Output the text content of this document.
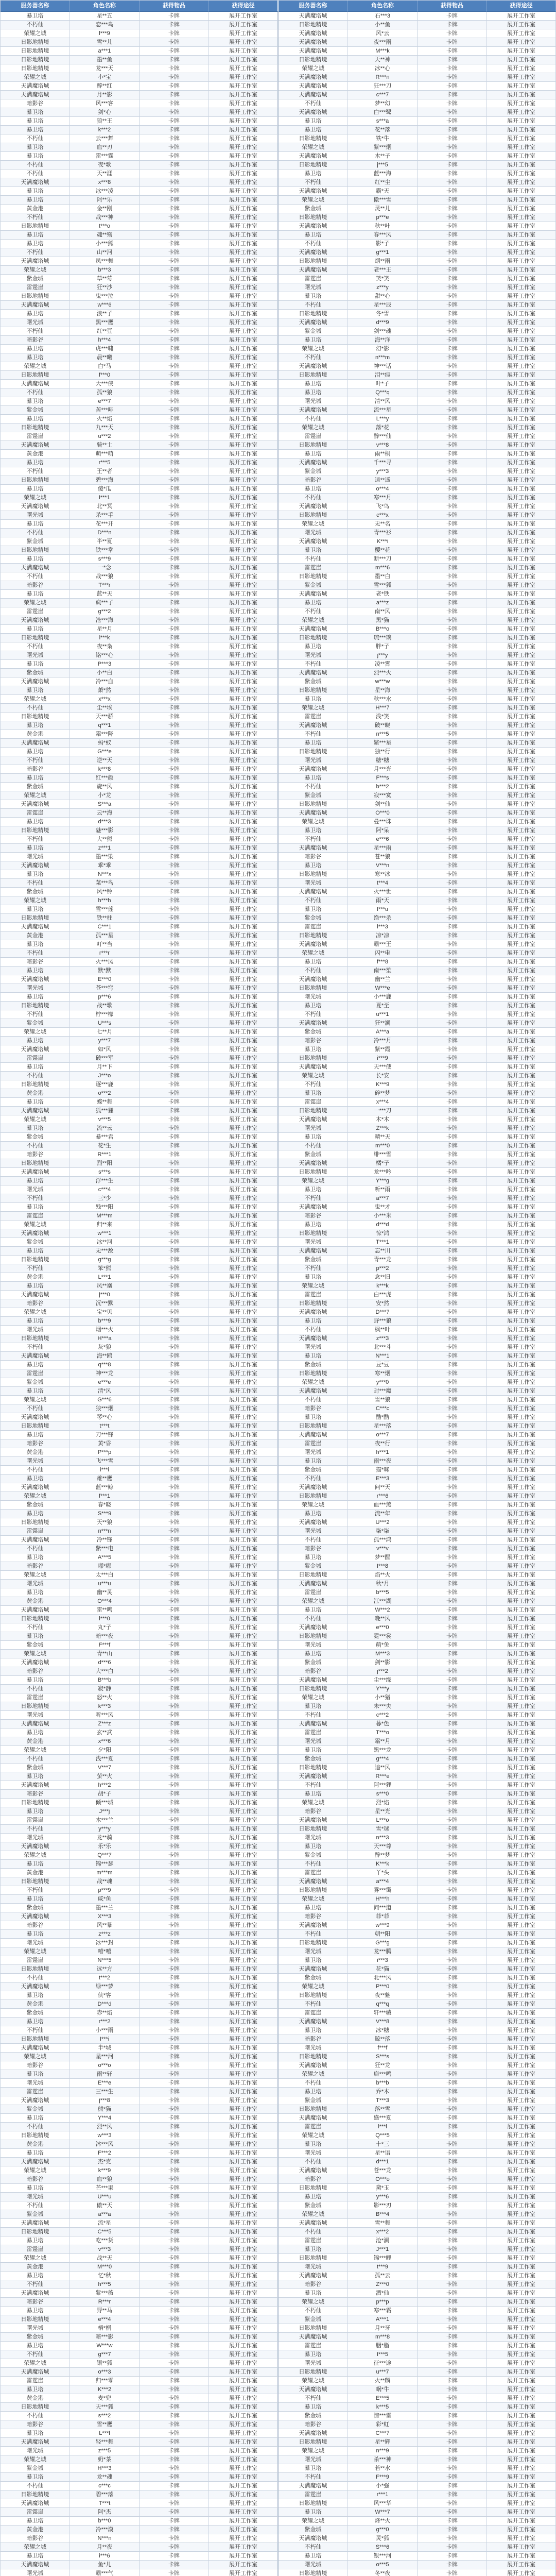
服务器名称	角色名称	获得物品	获得途径	服务器名称	角色名称	获得物品	获得途径
暴卫塔	星**五	卡牌	展开工作室	天满魔塔城	石***3	卡牌	展开工作室
不朽仙	恋***鸟	卡牌	展开工作室	日影地精境	小**鱼	卡牌	展开工作室
荣耀之城	l***9	卡牌	展开工作室	天满魔塔城	风*云	卡牌	展开工作室
日影地精境	雪**儿	卡牌	展开工作室	天满魔塔城	夜***雨	卡牌	展开工作室
日影地精境	a***1	卡牌	展开工作室	天满魔塔城	M***k	卡牌	展开工作室
日影地精境	墨**鱼	卡牌	展开工作室	日影地精境	天**神	卡牌	展开工作室
日影地精境	龙***天	卡牌	展开工作室	荣耀之城	冰**心	卡牌	展开工作室
荣耀之城	小*宝	卡牌	展开工作室	天满魔塔城	R***n	卡牌	展开工作室
天满魔塔城	醉**红	卡牌	展开工作室	天满魔塔城	狂***刀	卡牌	展开工作室
天满魔塔城	月**影	卡牌	展开工作室	天满魔塔城	c***7	卡牌	展开工作室
暗影谷	风***客	卡牌	展开工作室	不朽仙	梦**幻	卡牌	展开工作室
暴卫塔	剑*心	卡牌	展开工作室	天满魔塔城	白***鹭	卡牌	展开工作室
暴卫塔	狼**王	卡牌	展开工作室	暴卫塔	s***a	卡牌	展开工作室
暴卫塔	k***2	卡牌	展开工作室	暴卫塔	花**落	卡牌	展开工作室
不朽仙	云***舞	卡牌	展开工作室	日影地精境	铁*牛	卡牌	展开工作室
暴卫塔	血**刃	卡牌	展开工作室	荣耀之城	紫***烟	卡牌	展开工作室
暴卫塔	雷***霆	卡牌	展开工作室	天满魔塔城	木**子	卡牌	展开工作室
不朽仙	夜*歌	卡牌	展开工作室	日影地精境	j***5	卡牌	展开工作室
不朽仙	天**涯	卡牌	展开工作室	暴卫塔	蓝***海	卡牌	展开工作室
天满魔塔城	x***8	卡牌	展开工作室	不朽仙	红**尘	卡牌	展开工作室
暴卫塔	冰***凌	卡牌	展开工作室	天满魔塔城	霸*天	卡牌	展开工作室
暴卫塔	阿**乐	卡牌	展开工作室	荣耀之城	傲***雪	卡牌	展开工作室
黄金港	金**刚	卡牌	展开工作室	紫金城	灵**儿	卡牌	展开工作室
不朽仙	战***神	卡牌	展开工作室	日影地精境	p***e	卡牌	展开工作室
日影地精境	t***o	卡牌	展开工作室	天满魔塔城	秋**叶	卡牌	展开工作室
暴卫塔	魂**殇	卡牌	展开工作室	暴卫塔	春***风	卡牌	展开工作室
暴卫塔	小***熊	卡牌	展开工作室	不朽仙	影*子	卡牌	展开工作室
不朽仙	山**河	卡牌	展开工作室	天满魔塔城	g***1	卡牌	展开工作室
天满魔塔城	凤***舞	卡牌	展开工作室	日影地精境	烟**雨	卡牌	展开工作室
荣耀之城	b***3	卡牌	展开工作室	天满魔塔城	老***王	卡牌	展开工作室
紫金城	草**莓	卡牌	展开工作室	雷霆崖	笑*笑	卡牌	展开工作室
雷霆崖	狂**沙	卡牌	展开工作室	曙光城	z***y	卡牌	展开工作室
日影地精境	鬼***泣	卡牌	展开工作室	暴卫塔	甜**心	卡牌	展开工作室
天满魔塔城	w***6	卡牌	展开工作室	不朽仙	星***辰	卡牌	展开工作室
暴卫塔	浪**子	卡牌	展开工作室	日影地精境	冬*雪	卡牌	展开工作室
曙光城	黑***鹰	卡牌	展开工作室	天满魔塔城	d***9	卡牌	展开工作室
不朽仙	红**豆	卡牌	展开工作室	紫金城	剑***魂	卡牌	展开工作室
暗影谷	h***4	卡牌	展开工作室	暴卫塔	海**洋	卡牌	展开工作室
暴卫塔	虎***啸	卡牌	展开工作室	荣耀之城	幻*影	卡牌	展开工作室
暴卫塔	晨**曦	卡牌	展开工作室	不朽仙	n***m	卡牌	展开工作室
荣耀之城	白*马	卡牌	展开工作室	天满魔塔城	神***话	卡牌	展开工作室
日影地精境	f***0	卡牌	展开工作室	日影地精境	泪**痕	卡牌	展开工作室
天满魔塔城	大***侠	卡牌	展开工作室	暴卫塔	叶*子	卡牌	展开工作室
不朽仙	孤**狼	卡牌	展开工作室	暴卫塔	Q***q	卡牌	展开工作室
暴卫塔	e***7	卡牌	展开工作室	曙光城	清**风	卡牌	展开工作室
紫金城	苦***啡	卡牌	展开工作室	天满魔塔城	流***星	卡牌	展开工作室
暴卫塔	火**焰	卡牌	展开工作室	不朽仙	L***y	卡牌	展开工作室
日影地精境	九***天	卡牌	展开工作室	荣耀之城	落*花	卡牌	展开工作室
雷霆崖	u***2	卡牌	展开工作室	雷霆崖	醉***仙	卡牌	展开工作室
天满魔塔城	骑**士	卡牌	展开工作室	日影地精境	v***8	卡牌	展开工作室
黄金港	萌***萌	卡牌	展开工作室	暴卫塔	雨**桐	卡牌	展开工作室
暴卫塔	r***5	卡牌	展开工作室	天满魔塔城	千***寻	卡牌	展开工作室
不朽仙	王**者	卡牌	展开工作室	紫金城	y***3	卡牌	展开工作室
日影地精境	碧***海	卡牌	展开工作室	暗影谷	逍**遥	卡牌	展开工作室
暴卫塔	傻*瓜	卡牌	展开工作室	暴卫塔	o***4	卡牌	展开工作室
荣耀之城	i***1	卡牌	展开工作室	不朽仙	寒***月	卡牌	展开工作室
天满魔塔城	北**冥	卡牌	展开工作室	天满魔塔城	飞*鸟	卡牌	展开工作室
曙光城	杀***手	卡牌	展开工作室	日影地精境	c***x	卡牌	展开工作室
暴卫塔	花***开	卡牌	展开工作室	荣耀之城	无**名	卡牌	展开工作室
不朽仙	D***n	卡牌	展开工作室	曙光城	青***衫	卡牌	展开工作室
紫金城	半**夏	卡牌	展开工作室	天满魔塔城	K***i	卡牌	展开工作室
日影地精境	铁***拳	卡牌	展开工作室	暴卫塔	樱**花	卡牌	展开工作室
暴卫塔	s***9	卡牌	展开工作室	不朽仙	断***刀	卡牌	展开工作室
天满魔塔城	一*念	卡牌	展开工作室	雷霆崖	m***6	卡牌	展开工作室
不朽仙	战***狼	卡牌	展开工作室	日影地精境	墨**白	卡牌	展开工作室
暗影谷	T***r	卡牌	展开工作室	紫金城	雪***狐	卡牌	展开工作室
暴卫塔	蓝**天	卡牌	展开工作室	天满魔塔城	老*铁	卡牌	展开工作室
荣耀之城	疯***子	卡牌	展开工作室	暴卫塔	a***z	卡牌	展开工作室
雷霆崖	g***2	卡牌	展开工作室	不朽仙	南**风	卡牌	展开工作室
天满魔塔城	沧***海	卡牌	展开工作室	荣耀之城	黑*猫	卡牌	展开工作室
暴卫塔	星**月	卡牌	展开工作室	天满魔塔城	B***o	卡牌	展开工作室
日影地精境	l***k	卡牌	展开工作室	日影地精境	琉***璃	卡牌	展开工作室
不朽仙	夜**枭	卡牌	展开工作室	暴卫塔	胖*子	卡牌	展开工作室
曙光城	铭***心	卡牌	展开工作室	曙光城	j***y	卡牌	展开工作室
暴卫塔	P***3	卡牌	展开工作室	不朽仙	凌**霄	卡牌	展开工作室
紫金城	小**白	卡牌	展开工作室	天满魔塔城	烈***火	卡牌	展开工作室
天满魔塔城	冷***血	卡牌	展开工作室	紫金城	w***w	卡牌	展开工作室
暴卫塔	萧*然	卡牌	展开工作室	日影地精境	星**海	卡牌	展开工作室
荣耀之城	x***x	卡牌	展开工作室	暴卫塔	秋***水	卡牌	展开工作室
不朽仙	尘**埃	卡牌	展开工作室	荣耀之城	H***7	卡牌	展开工作室
日影地精境	天***骄	卡牌	展开工作室	雷霆崖	浅*笑	卡牌	展开工作室
暴卫塔	q***1	卡牌	展开工作室	天满魔塔城	破**晓	卡牌	展开工作室
黄金港	霜***降	卡牌	展开工作室	不朽仙	n***5	卡牌	展开工作室
天满魔塔城	蚂*蚁	卡牌	展开工作室	暴卫塔	繁***星	卡牌	展开工作室
暴卫塔	G***e	卡牌	展开工作室	日影地精境	独**行	卡牌	展开工作室
不朽仙	逆**天	卡牌	展开工作室	曙光城	糖*糖	卡牌	展开工作室
暗影谷	k***8	卡牌	展开工作室	天满魔塔城	月***光	卡牌	展开工作室
暴卫塔	红***颜	卡牌	展开工作室	暴卫塔	F***s	卡牌	展开工作室
紫金城	旋**风	卡牌	展开工作室	不朽仙	b***2	卡牌	展开工作室
荣耀之城	小*龙	卡牌	展开工作室	紫金城	寂***寞	卡牌	展开工作室
天满魔塔城	S***a	卡牌	展开工作室	日影地精境	剑**仙	卡牌	展开工作室
雷霆崖	云**海	卡牌	展开工作室	天满魔塔城	O***0	卡牌	展开工作室
暴卫塔	d***3	卡牌	展开工作室	荣耀之城	曼***珠	卡牌	展开工作室
日影地精境	魅***影	卡牌	展开工作室	暴卫塔	阿*呆	卡牌	展开工作室
不朽仙	大**熊	卡牌	展开工作室	不朽仙	e***6	卡牌	展开工作室
暴卫塔	z***1	卡牌	展开工作室	天满魔塔城	星***雨	卡牌	展开工作室
曙光城	墨***染	卡牌	展开工作室	暗影谷	苍**狼	卡牌	展开工作室
天满魔塔城	乖*乖	卡牌	展开工作室	暴卫塔	V***n	卡牌	展开工作室
暴卫塔	N***x	卡牌	展开工作室	日影地精境	寒**冰	卡牌	展开工作室
不朽仙	菜***鸟	卡牌	展开工作室	曙光城	t***4	卡牌	展开工作室
紫金城	风**铃	卡牌	展开工作室	天满魔塔城	灭***世	卡牌	展开工作室
荣耀之城	h***h	卡牌	展开工作室	不朽仙	雨*天	卡牌	展开工作室
暴卫塔	雪***莲	卡牌	展开工作室	暴卫塔	I***u	卡牌	展开工作室
日影地精境	铁**柱	卡牌	展开工作室	紫金城	绝***杀	卡牌	展开工作室
天满魔塔城	C***1	卡牌	展开工作室	雷霆崖	l***3	卡牌	展开工作室
黄金港	孤***星	卡牌	展开工作室	日影地精境	凉*凉	卡牌	展开工作室
暴卫塔	叮**当	卡牌	展开工作室	天满魔塔城	霸***王	卡牌	展开工作室
不朽仙	r***r	卡牌	展开工作室	荣耀之城	闪**电	卡牌	展开工作室
暗影谷	火***凤	卡牌	展开工作室	暴卫塔	f***8	卡牌	展开工作室
暴卫塔	默*默	卡牌	展开工作室	不朽仙	南***笙	卡牌	展开工作室
天满魔塔城	E***0	卡牌	展开工作室	天满魔塔城	幽**兰	卡牌	展开工作室
曙光城	苍***穹	卡牌	展开工作室	日影地精境	W***e	卡牌	展开工作室
暴卫塔	p***6	卡牌	展开工作室	曙光城	小***鹿	卡牌	展开工作室
日影地精境	战**歌	卡牌	展开工作室	暴卫塔	夏*至	卡牌	展开工作室
不朽仙	柠***檬	卡牌	展开工作室	不朽仙	u***1	卡牌	展开工作室
紫金城	U***s	卡牌	展开工作室	天满魔塔城	狂**澜	卡牌	展开工作室
荣耀之城	七**月	卡牌	展开工作室	紫金城	A***a	卡牌	展开工作室
暴卫塔	y***7	卡牌	展开工作室	暗影谷	冷***月	卡牌	展开工作室
天满魔塔城	如*风	卡牌	展开工作室	暴卫塔	紫**霞	卡牌	展开工作室
雷霆崖	破***军	卡牌	展开工作室	日影地精境	i***9	卡牌	展开工作室
暴卫塔	月**下	卡牌	展开工作室	天满魔塔城	天***使	卡牌	展开工作室
不朽仙	J***o	卡牌	展开工作室	荣耀之城	长*安	卡牌	展开工作室
日影地精境	逐***鹿	卡牌	展开工作室	不朽仙	K***9	卡牌	展开工作室
黄金港	o***2	卡牌	展开工作室	暴卫塔	碎**梦	卡牌	展开工作室
暴卫塔	蝶**舞	卡牌	展开工作室	雷霆崖	x***4	卡牌	展开工作室
天满魔塔城	狐***狸	卡牌	展开工作室	日影地精境	一***刀	卡牌	展开工作室
荣耀之城	v***5	卡牌	展开工作室	天满魔塔城	木*木	卡牌	展开工作室
暴卫塔	流**云	卡牌	展开工作室	曙光城	Z***k	卡牌	展开工作室
紫金城	暴***君	卡牌	展开工作室	暴卫塔	晴**天	卡牌	展开工作室
不朽仙	花*生	卡牌	展开工作室	不朽仙	m***0	卡牌	展开工作室
暗影谷	R***1	卡牌	展开工作室	紫金城	绯***雪	卡牌	展开工作室
日影地精境	烈**阳	卡牌	展开工作室	天满魔塔城	橘*子	卡牌	展开工作室
天满魔塔城	s***s	卡牌	展开工作室	日影地精境	龙***吟	卡牌	展开工作室
暴卫塔	浮***生	卡牌	展开工作室	荣耀之城	Y***g	卡牌	展开工作室
曙光城	c***4	卡牌	展开工作室	暴卫塔	听**雨	卡牌	展开工作室
不朽仙	三*少	卡牌	展开工作室	不朽仙	a***7	卡牌	展开工作室
暴卫塔	残***阳	卡牌	展开工作室	天满魔塔城	鬼**才	卡牌	展开工作室
雷霆崖	M***m	卡牌	展开工作室	暗影谷	小***米	卡牌	展开工作室
荣耀之城	归**来	卡牌	展开工作室	暴卫塔	d***d	卡牌	展开工作室
天满魔塔城	w***1	卡牌	展开工作室	日影地精境	惊*鸿	卡牌	展开工作室
紫金城	冰**河	卡牌	展开工作室	曙光城	T***1	卡牌	展开工作室
暴卫塔	无***敌	卡牌	展开工作室	天满魔塔城	忘**川	卡牌	展开工作室
日影地精境	g***g	卡牌	展开工作室	紫金城	青***龙	卡牌	展开工作室
不朽仙	笨*熊	卡牌	展开工作室	不朽仙	p***2	卡牌	展开工作室
黄金港	L***1	卡牌	展开工作室	暴卫塔	念**旧	卡牌	展开工作室
暴卫塔	凤**凰	卡牌	展开工作室	荣耀之城	k***k	卡牌	展开工作室
天满魔塔城	j***0	卡牌	展开工作室	雷霆崖	白***虎	卡牌	展开工作室
暗影谷	沉***默	卡牌	展开工作室	日影地精境	安*然	卡牌	展开工作室
荣耀之城	宝**贝	卡牌	展开工作室	天满魔塔城	D***7	卡牌	展开工作室
暴卫塔	b***9	卡牌	展开工作室	暴卫塔	野***狼	卡牌	展开工作室
曙光城	烟***火	卡牌	展开工作室	不朽仙	枫**叶	卡牌	展开工作室
日影地精境	H***a	卡牌	展开工作室	天满魔塔城	z***3	卡牌	展开工作室
不朽仙	灰*狼	卡牌	展开工作室	曙光城	北***斗	卡牌	展开工作室
天满魔塔城	海**鸥	卡牌	展开工作室	暴卫塔	N***1	卡牌	展开工作室
暴卫塔	q***8	卡牌	展开工作室	紫金城	豆*豆	卡牌	展开工作室
雷霆崖	神***龙	卡牌	展开工作室	日影地精境	寒**烟	卡牌	展开工作室
紫金城	e***e	卡牌	展开工作室	荣耀之城	y***0	卡牌	展开工作室
暴卫塔	清*风	卡牌	展开工作室	天满魔塔城	封***魔	卡牌	展开工作室
荣耀之城	G***6	卡牌	展开工作室	不朽仙	雪**狼	卡牌	展开工作室
不朽仙	狼***烟	卡牌	展开工作室	暗影谷	C***c	卡牌	展开工作室
天满魔塔城	琴**心	卡牌	展开工作室	暴卫塔	酷*酷	卡牌	展开工作室
日影地精境	t***t	卡牌	展开工作室	日影地精境	星***落	卡牌	展开工作室
暴卫塔	刀***锋	卡牌	展开工作室	天满魔塔城	o***7	卡牌	展开工作室
暗影谷	黄*昏	卡牌	展开工作室	雷霆崖	夜**行	卡牌	展开工作室
黄金港	P***p	卡牌	展开工作室	曙光城	h***1	卡牌	展开工作室
曙光城	飞***雪	卡牌	展开工作室	暴卫塔	雨***夜	卡牌	展开工作室
不朽仙	i***i	卡牌	展开工作室	紫金城	猫*咪	卡牌	展开工作室
暴卫塔	雄**鹰	卡牌	展开工作室	不朽仙	E***3	卡牌	展开工作室
天满魔塔城	蓝***鲸	卡牌	展开工作室	天满魔塔城	问**天	卡牌	展开工作室
荣耀之城	f***1	卡牌	展开工作室	日影地精境	r***6	卡牌	展开工作室
紫金城	春*晓	卡牌	展开工作室	荣耀之城	血***煞	卡牌	展开工作室
暴卫塔	S***9	卡牌	展开工作室	暴卫塔	流**年	卡牌	展开工作室
日影地精境	天**狼	卡牌	展开工作室	天满魔塔城	U***2	卡牌	展开工作室
雷霆崖	n***n	卡牌	展开工作室	曙光城	柒*柒	卡牌	展开工作室
天满魔塔城	冷**锋	卡牌	展开工作室	不朽仙	孤***鸿	卡牌	展开工作室
不朽仙	紫***电	卡牌	展开工作室	暗影谷	v***v	卡牌	展开工作室
暴卫塔	A***5	卡牌	展开工作室	暴卫塔	梦**醒	卡牌	展开工作室
暗影谷	嘟*嘟	卡牌	展开工作室	紫金城	I***8	卡牌	展开工作室
荣耀之城	太***白	卡牌	展开工作室	日影地精境	焰**火	卡牌	展开工作室
曙光城	u***u	卡牌	展开工作室	天满魔塔城	秋*月	卡牌	展开工作室
暴卫塔	幽**灵	卡牌	展开工作室	雷霆崖	b***5	卡牌	展开工作室
黄金港	O***4	卡牌	展开工作室	荣耀之城	江***湖	卡牌	展开工作室
天满魔塔城	雷**鸣	卡牌	展开工作室	暴卫塔	W***2	卡牌	展开工作室
日影地精境	l***0	卡牌	展开工作室	不朽仙	晚**风	卡牌	展开工作室
不朽仙	丸*子	卡牌	展开工作室	天满魔塔城	e***0	卡牌	展开工作室
暴卫塔	暗***夜	卡牌	展开工作室	日影地精境	霓***裳	卡牌	展开工作室
紫金城	F***f	卡牌	展开工作室	曙光城	萌*兔	卡牌	展开工作室
荣耀之城	青**山	卡牌	展开工作室	暴卫塔	M***3	卡牌	展开工作室
天满魔塔城	d***6	卡牌	展开工作室	紫金城	剑**影	卡牌	展开工作室
暗影谷	大***白	卡牌	展开工作室	暗影谷	j***2	卡牌	展开工作室
暴卫塔	B***b	卡牌	展开工作室	天满魔塔城	尘***缘	卡牌	展开工作室
不朽仙	寂*静	卡牌	展开工作室	日影地精境	Y***y	卡牌	展开工作室
雷霆崖	怒**火	卡牌	展开工作室	荣耀之城	小**猪	卡牌	展开工作室
日影地精境	k***3	卡牌	展开工作室	暴卫塔	未***央	卡牌	展开工作室
曙光城	听***风	卡牌	展开工作室	不朽仙	c***2	卡牌	展开工作室
天满魔塔城	Z***z	卡牌	展开工作室	天满魔塔城	暮*色	卡牌	展开工作室
暴卫塔	玄**武	卡牌	展开工作室	雷霆崖	T***o	卡牌	展开工作室
黄金港	x***6	卡牌	展开工作室	曙光城	霜**月	卡牌	展开工作室
荣耀之城	夕*阳	卡牌	展开工作室	暴卫塔	黑***龙	卡牌	展开工作室
不朽仙	浅***夏	卡牌	展开工作室	紫金城	g***4	卡牌	展开工作室
紫金城	V***7	卡牌	展开工作室	日影地精境	追**风	卡牌	展开工作室
暴卫塔	萤**火	卡牌	展开工作室	天满魔塔城	R***e	卡牌	展开工作室
天满魔塔城	h***2	卡牌	展开工作室	不朽仙	阿***狸	卡牌	展开工作室
暗影谷	胡*子	卡牌	展开工作室	暴卫塔	s***0	卡牌	展开工作室
日影地精境	倾***城	卡牌	展开工作室	荣耀之城	烈*焰	卡牌	展开工作室
暴卫塔	J***j	卡牌	展开工作室	暗影谷	星**光	卡牌	展开工作室
雷霆崖	木***兰	卡牌	展开工作室	天满魔塔城	L***o	卡牌	展开工作室
不朽仙	y***y	卡牌	展开工作室	日影地精境	雪*球	卡牌	展开工作室
曙光城	龙**骑	卡牌	展开工作室	曙光城	n***3	卡牌	展开工作室
天满魔塔城	乐*乐	卡牌	展开工作室	暴卫塔	天***尊	卡牌	展开工作室
荣耀之城	Q***7	卡牌	展开工作室	紫金城	醉**梦	卡牌	展开工作室
暴卫塔	锦***瑟	卡牌	展开工作室	不朽仙	K***k	卡牌	展开工作室
黄金港	m***m	卡牌	展开工作室	雷霆崖	丫*头	卡牌	展开工作室
日影地精境	战**魂	卡牌	展开工作室	天满魔塔城	a***4	卡牌	展开工作室
不朽仙	p***9	卡牌	展开工作室	日影地精境	雾***霭	卡牌	展开工作室
暴卫塔	咸*鱼	卡牌	展开工作室	荣耀之城	H***h	卡牌	展开工作室
紫金城	墨***兰	卡牌	展开工作室	暴卫塔	问***道	卡牌	展开工作室
天满魔塔城	X***3	卡牌	展开工作室	暗影谷	菲*菲	卡牌	展开工作室
暗影谷	风**暴	卡牌	展开工作室	天满魔塔城	w***9	卡牌	展开工作室
暴卫塔	z***z	卡牌	展开工作室	不朽仙	朝**阳	卡牌	展开工作室
曙光城	冰***封	卡牌	展开工作室	日影地精境	G***g	卡牌	展开工作室
荣耀之城	嘻*嘻	卡牌	展开工作室	曙光城	龙***腾	卡牌	展开工作室
雷霆崖	N***5	卡牌	展开工作室	暴卫塔	i***3	卡牌	展开工作室
日影地精境	远**方	卡牌	展开工作室	天满魔塔城	花*猫	卡牌	展开工作室
不朽仙	t***2	卡牌	展开工作室	紫金城	北***风	卡牌	展开工作室
天满魔塔城	绿***萝	卡牌	展开工作室	荣耀之城	P***0	卡牌	展开工作室
暴卫塔	侠*客	卡牌	展开工作室	日影地精境	夜**魅	卡牌	展开工作室
黄金港	D***d	卡牌	展开工作室	不朽仙	q***q	卡牌	展开工作室
紫金城	赤**焰	卡牌	展开工作室	雷霆崖	轩***辕	卡牌	展开工作室
暴卫塔	r***2	卡牌	展开工作室	天满魔塔城	V***8	卡牌	展开工作室
不朽仙	小***雨	卡牌	展开工作室	暴卫塔	冰*糖	卡牌	展开工作室
日影地精境	I***i	卡牌	展开工作室	暗影谷	鲸**落	卡牌	展开工作室
天满魔塔城	半*城	卡牌	展开工作室	曙光城	f***f	卡牌	展开工作室
荣耀之城	星***河	卡牌	展开工作室	日影地精境	S***s	卡牌	展开工作室
暗影谷	o***o	卡牌	展开工作室	天满魔塔城	狂**龙	卡牌	展开工作室
暴卫塔	雨**轩	卡牌	展开工作室	荣耀之城	鹿***鸣	卡牌	展开工作室
曙光城	E***e	卡牌	展开工作室	不朽仙	b***b	卡牌	展开工作室
雷霆崖	三***生	卡牌	展开工作室	暴卫塔	乔*木	卡牌	展开工作室
天满魔塔城	j***8	卡牌	展开工作室	紫金城	T***3	卡牌	展开工作室
紫金城	熊*猫	卡牌	展开工作室	日影地精境	落**雪	卡牌	展开工作室
暴卫塔	Y***4	卡牌	展开工作室	天满魔塔城	盛***夏	卡牌	展开工作室
不朽仙	烈**风	卡牌	展开工作室	雷霆崖	l***l	卡牌	展开工作室
日影地精境	w***3	卡牌	展开工作室	荣耀之城	Q***5	卡牌	展开工作室
黄金港	沐***风	卡牌	展开工作室	暴卫塔	十*三	卡牌	展开工作室
暴卫塔	F***2	卡牌	展开工作室	曙光城	星**语	卡牌	展开工作室
天满魔塔城	杰*克	卡牌	展开工作室	不朽仙	d***1	卡牌	展开工作室
荣耀之城	k***9	卡牌	展开工作室	天满魔塔城	苍***龙	卡牌	展开工作室
暗影谷	血**狼	卡牌	展开工作室	暗影谷	O***o	卡牌	展开工作室
暴卫塔	芒***果	卡牌	展开工作室	日影地精境	黛*玉	卡牌	展开工作室
曙光城	U***u	卡牌	展开工作室	暴卫塔	y***6	卡牌	展开工作室
不朽仙	傲**天	卡牌	展开工作室	紫金城	影***刃	卡牌	展开工作室
紫金城	a***a	卡牌	展开工作室	荣耀之城	B***4	卡牌	展开工作室
天满魔塔城	流*星	卡牌	展开工作室	天满魔塔城	雪**舞	卡牌	展开工作室
日影地精境	C***5	卡牌	展开工作室	不朽仙	x***2	卡牌	展开工作室
暴卫塔	吃***货	卡牌	展开工作室	雷霆崖	沧*澜	卡牌	展开工作室
雷霆崖	v***3	卡牌	展开工作室	暴卫塔	J***1	卡牌	展开工作室
荣耀之城	战**天	卡牌	展开工作室	日影地精境	锦***鲤	卡牌	展开工作室
黄金港	M***0	卡牌	展开工作室	曙光城	t***9	卡牌	展开工作室
暴卫塔	忆*秋	卡牌	展开工作室	天满魔塔城	孤**云	卡牌	展开工作室
不朽仙	h***5	卡牌	展开工作室	暗影谷	Z***0	卡牌	展开工作室
天满魔塔城	紫***薇	卡牌	展开工作室	暴卫塔	酒*仙	卡牌	展开工作室
暗影谷	R***r	卡牌	展开工作室	荣耀之城	p***p	卡牌	展开工作室
暴卫塔	野**马	卡牌	展开工作室	不朽仙	寒***霜	卡牌	展开工作室
日影地精境	e***4	卡牌	展开工作室	紫金城	A***1	卡牌	展开工作室
曙光城	梧*桐	卡牌	展开工作室	日影地精境	月**牙	卡牌	展开工作室
紫金城	暗***影	卡牌	展开工作室	天满魔塔城	m***8	卡牌	展开工作室
暴卫塔	W***w	卡牌	展开工作室	雷霆崖	胭*脂	卡牌	展开工作室
不朽仙	g***7	卡牌	展开工作室	暴卫塔	I***5	卡牌	展开工作室
荣耀之城	银**狐	卡牌	展开工作室	曙光城	征***途	卡牌	展开工作室
天满魔塔城	o***3	卡牌	展开工作室	日影地精境	u***7	卡牌	展开工作室
雷霆崖	归***零	卡牌	展开工作室	荣耀之城	火**麟	卡牌	展开工作室
暴卫塔	K***2	卡牌	展开工作室	天满魔塔城	蜗*牛	卡牌	展开工作室
黄金港	麦*兜	卡牌	展开工作室	不朽仙	E***5	卡牌	展开工作室
日影地精境	天***狐	卡牌	展开工作室	暴卫塔	k***5	卡牌	展开工作室
不朽仙	s***2	卡牌	展开工作室	紫金城	惊***雷	卡牌	展开工作室
暗影谷	雪**鹰	卡牌	展开工作室	暗影谷	彩*虹	卡牌	展开工作室
暴卫塔	L***l	卡牌	展开工作室	天满魔塔城	C***7	卡牌	展开工作室
天满魔塔城	轻***舞	卡牌	展开工作室	日影地精境	星**辉	卡牌	展开工作室
曙光城	z***5	卡牌	展开工作室	荣耀之城	n***9	卡牌	展开工作室
荣耀之城	奶*茶	卡牌	展开工作室	曙光城	杀***神	卡牌	展开工作室
紫金城	H***3	卡牌	展开工作室	暴卫塔	若**水	卡牌	展开工作室
暴卫塔	龙**魂	卡牌	展开工作室	不朽仙	F***9	卡牌	展开工作室
不朽仙	c***c	卡牌	展开工作室	天满魔塔城	小*强	卡牌	展开工作室
日影地精境	碧***落	卡牌	展开工作室	雷霆崖	r***1	卡牌	展开工作室
天满魔塔城	T***t	卡牌	展开工作室	日影地精境	风***华	卡牌	展开工作室
雷霆崖	阿*杰	卡牌	展开工作室	暴卫塔	W***7	卡牌	展开工作室
暴卫塔	b***0	卡牌	展开工作室	荣耀之城	烽**火	卡牌	展开工作室
黄金港	冷***漠	卡牌	展开工作室	紫金城	g***0	卡牌	展开工作室
暗影谷	N***n	卡牌	展开工作室	天满魔塔城	灵*狐	卡牌	展开工作室
荣耀之城	月**夜	卡牌	展开工作室	不朽仙	S***6	卡牌	展开工作室
暴卫塔	i***6	卡牌	展开工作室	暴卫塔	银***河	卡牌	展开工作室
天满魔塔城	鱼*儿	卡牌	展开工作室	曙光城	o***5	卡牌	展开工作室
曙光城	霸***气	卡牌	展开工作室	日影地精境	冬**夜	卡牌	展开工作室
